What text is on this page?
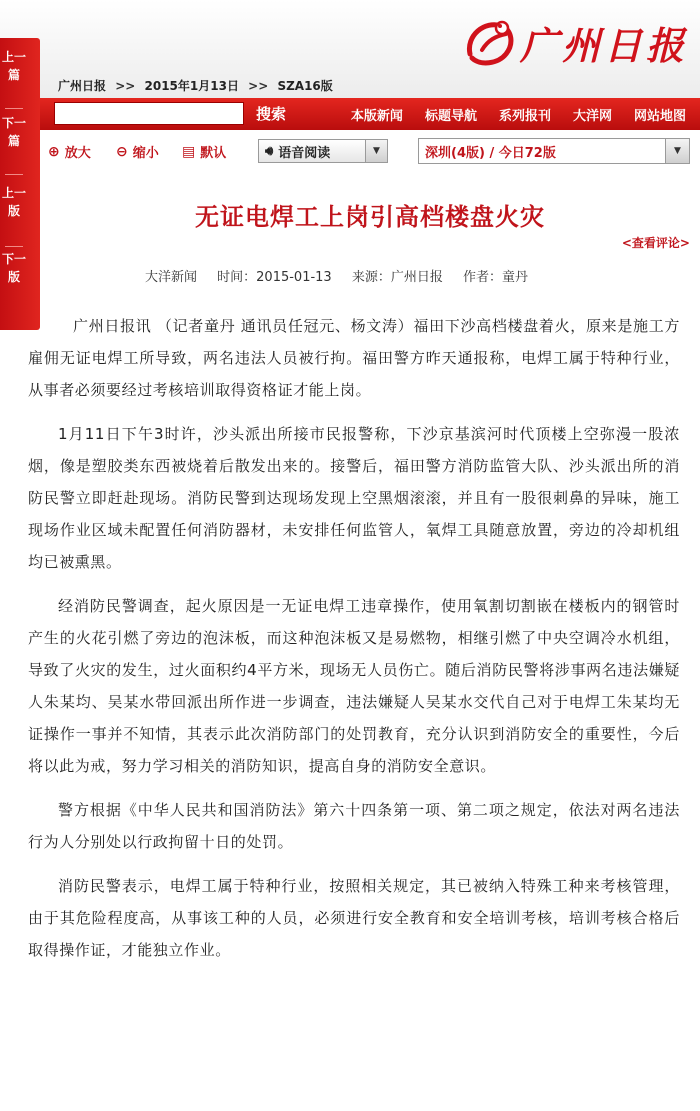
广州日报
广州日报 >> 2015年1月13日 >> SZA16版
上一篇
下一篇
上一版
下一版
搜索	本版新闻 标题导航 系列报刊 大洋网 网站地图
⊕ 放大 ⊖ 缩小 ▤ 默认	🔊︎ 语音阅读	▼	深圳(4版) / 今日72版	▼
无证电焊工上岗引高档楼盘火灾
<查看评论>
大洋新闻 时间：2015-01-13 来源：广州日报 作者：童丹

广州日报讯 （记者童丹 通讯员任冠元、杨文涛）福田下沙高档楼盘着火，原来是施工方雇佣无证电焊工所导致，两名违法人员被行拘。福田警方昨天通报称，电焊工属于特种行业，从事者必须要经过考核培训取得资格证才能上岗。

1月11日下午3时许，沙头派出所接市民报警称，下沙京基滨河时代顶楼上空弥漫一股浓烟，像是塑胶类东西被烧着后散发出来的。接警后，福田警方消防监管大队、沙头派出所的消防民警立即赶赴现场。消防民警到达现场发现上空黑烟滚滚，并且有一股很刺鼻的异味，施工现场作业区域未配置任何消防器材，未安排任何监管人，氧焊工具随意放置，旁边的冷却机组均已被熏黑。

经消防民警调查，起火原因是一无证电焊工违章操作，使用氧割切割嵌在楼板内的钢管时产生的火花引燃了旁边的泡沫板，而这种泡沫板又是易燃物，相继引燃了中央空调冷水机组，导致了火灾的发生，过火面积约4平方米，现场无人员伤亡。随后消防民警将涉事两名违法嫌疑人朱某均、吴某水带回派出所作进一步调查，违法嫌疑人吴某水交代自己对于电焊工朱某均无证操作一事并不知情，其表示此次消防部门的处罚教育，充分认识到消防安全的重要性，今后将以此为戒，努力学习相关的消防知识，提高自身的消防安全意识。

警方根据《中华人民共和国消防法》第六十四条第一项、第二项之规定，依法对两名违法行为人分别处以行政拘留十日的处罚。

消防民警表示，电焊工属于特种行业，按照相关规定，其已被纳入特殊工种来考核管理，由于其危险程度高，从事该工种的人员，必须进行安全教育和安全培训考核，培训考核合格后取得操作证，才能独立作业。
